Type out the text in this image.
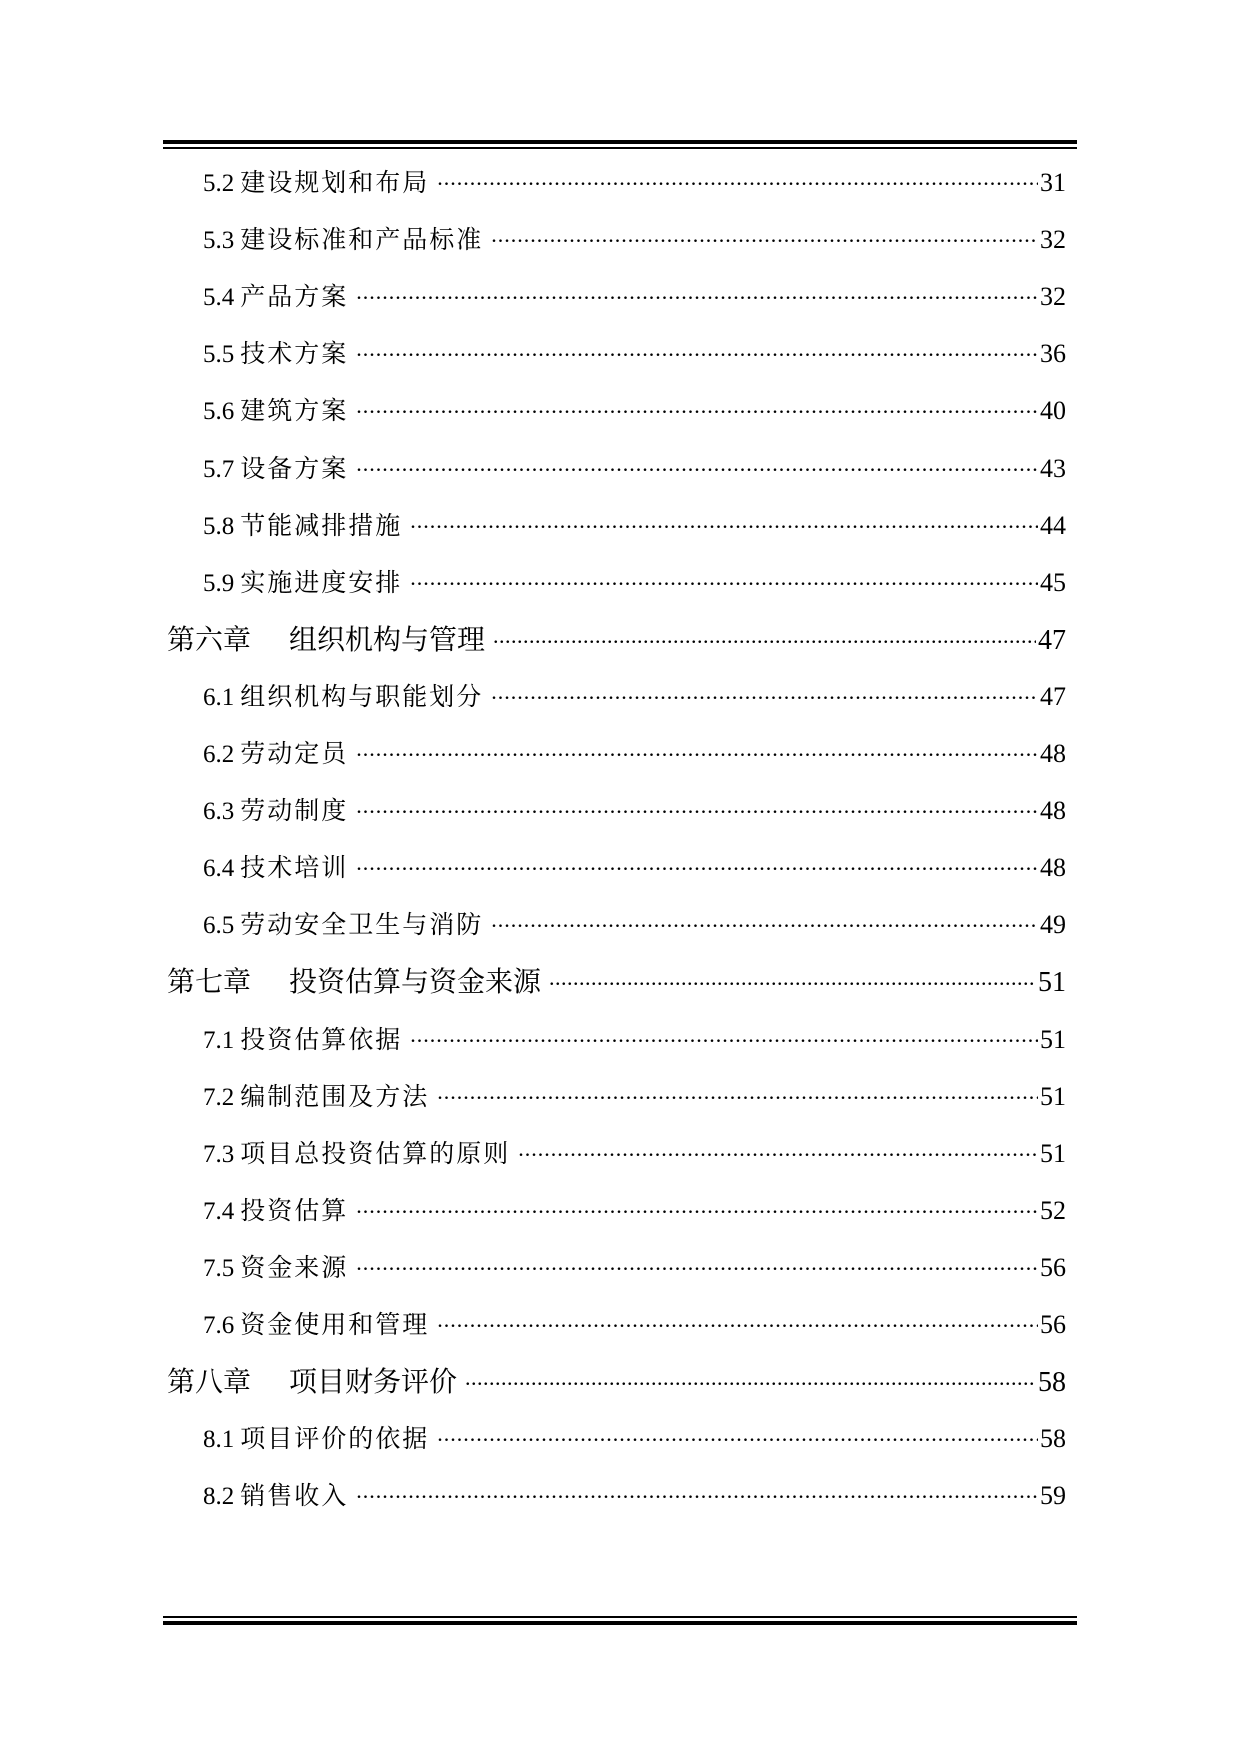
5.2 建设规划和布局 .....	31
5.3 建设标准和产品标准 .....	32
5.4 产品方案 .....	32
5.5 技术方案 .....	36
5.6 建筑方案 .....	40
5.7 设备方案 .....	43
5.8 节能减排措施 .....	44
5.9 实施进度安排 .....	45
第六章 组织机构与管理 .....	47
6.1 组织机构与职能划分 .....	47
6.2 劳动定员 .....	48
6.3 劳动制度 .....	48
6.4 技术培训 .....	48
6.5 劳动安全卫生与消防 .....	49
第七章 投资估算与资金来源 .....	51
7.1 投资估算依据 .....	51
7.2 编制范围及方法 .....	51
7.3 项目总投资估算的原则 .....	51
7.4 投资估算 .....	52
7.5 资金来源 .....	56
7.6 资金使用和管理 .....	56
第八章 项目财务评价 .....	58
8.1 项目评价的依据 .....	58
8.2 销售收入 .....	59
